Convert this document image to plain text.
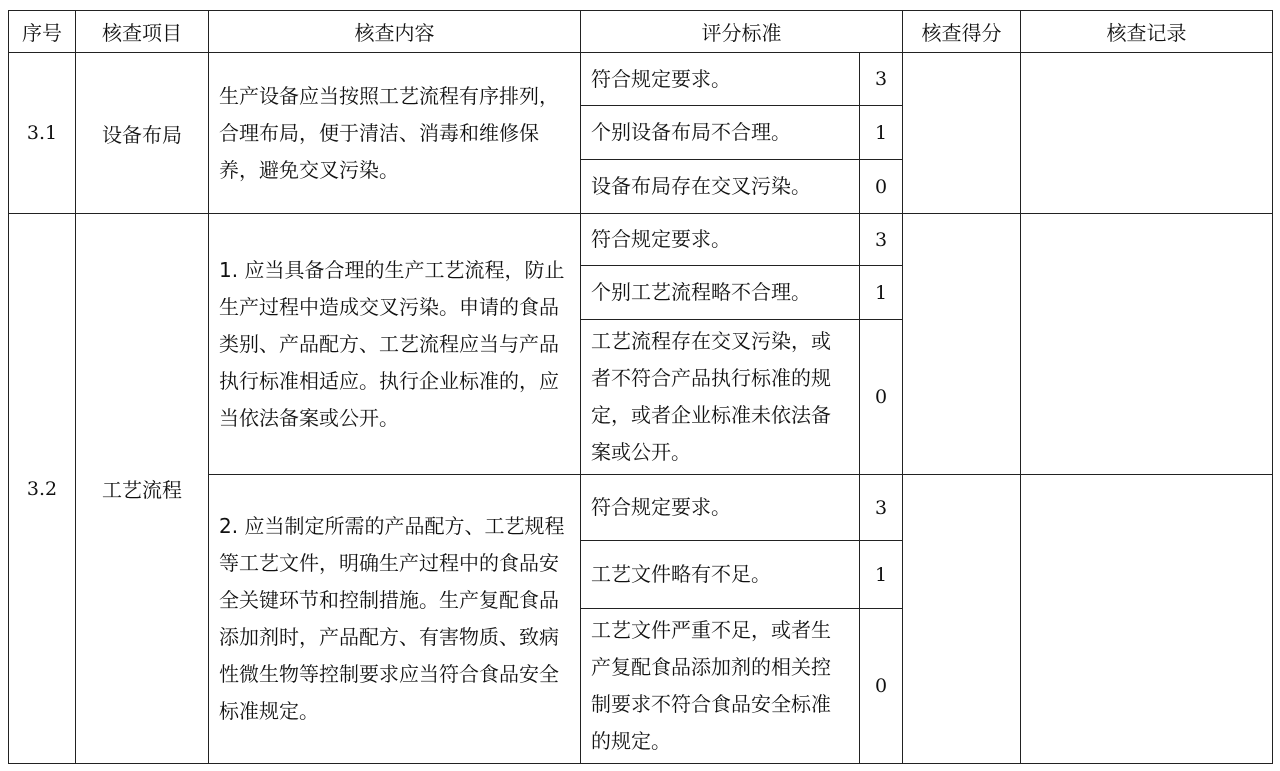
序号	核查项目	核查内容	评分标准		核查得分	核查记录
3.1	设备布局	生产设备应当按照工艺流程有序排列，合理布局，便于清洁、消毒和维修保养，避免交叉污染。	符合规定要求。	3		
			个别设备布局不合理。	1		
			设备布局存在交叉污染。	0		
3.2	工艺流程	1. 应当具备合理的生产工艺流程，防止生产过程中造成交叉污染。申请的食品类别、产品配方、工艺流程应当与产品执行标准相适应。执行企业标准的，应当依法备案或公开。	符合规定要求。	3		
			个别工艺流程略不合理。	1		
			工艺流程存在交叉污染，或者不符合产品执行标准的规定，或者企业标准未依法备案或公开。	0		
		2. 应当制定所需的产品配方、工艺规程等工艺文件，明确生产过程中的食品安全关键环节和控制措施。生产复配食品添加剂时，产品配方、有害物质、致病性微生物等控制要求应当符合食品安全标准规定。	符合规定要求。	3		
			工艺文件略有不足。	1		
			工艺文件严重不足，或者生产复配食品添加剂的相关控制要求不符合食品安全标准的规定。	0		
